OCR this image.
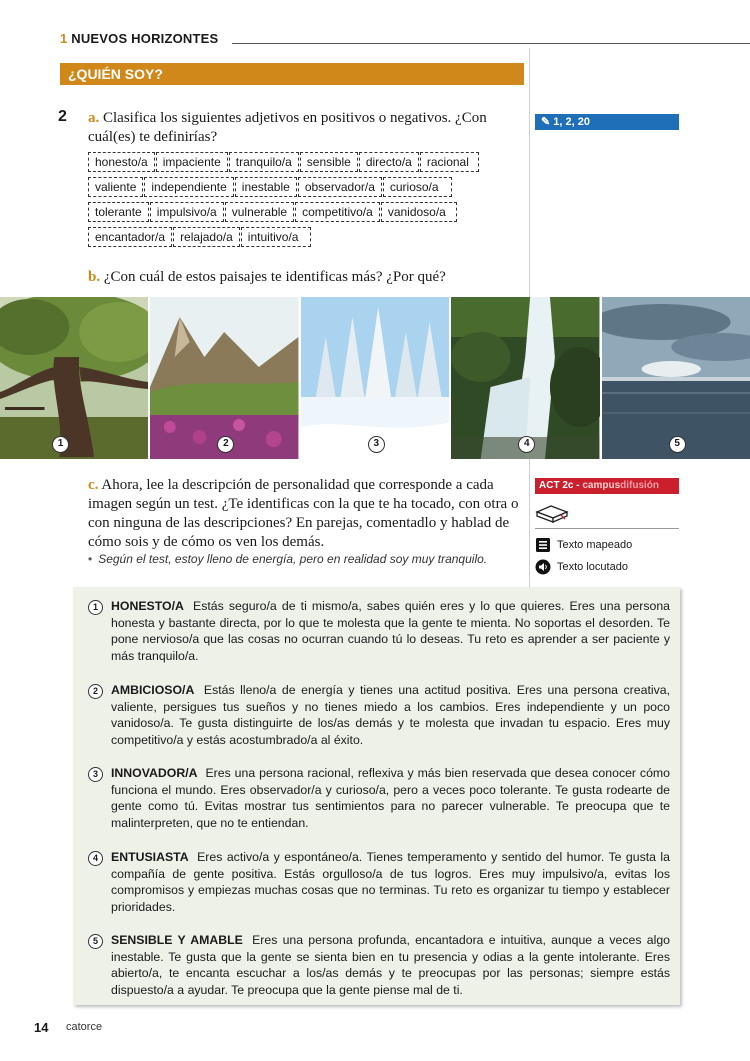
1 NUEVOS HORIZONTES
¿QUIÉN SOY?
2 a. Clasifica los siguientes adjetivos en positivos o negativos. ¿Con cuál(es) te definirías?
✎ 1, 2, 20
honesto/a	impaciente	tranquilo/a	sensible	directo/a	racional
valiente	independiente	inestable	observador/a	curioso/a
tolerante	impulsivo/a	vulnerable	competitivo/a	vanidoso/a
encantador/a	relajado/a	intuitivo/a
b. ¿Con cuál de estos paisajes te identificas más? ¿Por qué?
1	2	3	4	5
c. Ahora, lee la descripción de personalidad que corresponde a cada imagen según un test. ¿Te identificas con la que te ha tocado, con otra o con ninguna de las descripciones? En parejas, comentadlo y hablad de cómo sois y de cómo os ven los demás.
• Según el test, estoy lleno de energía, pero en realidad soy muy tranquilo.
ACT 2c - campusdifusión
Texto mapeado
Texto locutado
1	HONESTO/A Estás seguro/a de ti mismo/a, sabes quién eres y lo que quieres. Eres una persona honesta y bastante directa, por lo que te molesta que la gente te mienta. No soportas el desorden. Te pone nervioso/a que las cosas no ocurran cuando tú lo deseas. Tu reto es aprender a ser paciente y más tranquilo/a.
2	AMBICIOSO/A Estás lleno/a de energía y tienes una actitud positiva. Eres una persona creativa, valiente, persigues tus sueños y no tienes miedo a los cambios. Eres independiente y un poco vanidoso/a. Te gusta distinguirte de los/as demás y te molesta que invadan tu espacio. Eres muy competitivo/a y estás acostumbrado/a al éxito.
3	INNOVADOR/A Eres una persona racional, reflexiva y más bien reservada que desea conocer cómo funciona el mundo. Eres observador/a y curioso/a, pero a veces poco tolerante. Te gusta rodearte de gente como tú. Evitas mostrar tus sentimientos para no parecer vulnerable. Te preocupa que te malinterpreten, que no te entiendan.
4	ENTUSIASTA Eres activo/a y espontáneo/a. Tienes temperamento y sentido del humor. Te gusta la compañía de gente positiva. Estás orgulloso/a de tus logros. Eres muy impulsivo/a, evitas los compromisos y empiezas muchas cosas que no terminas. Tu reto es organizar tu tiempo y establecer prioridades.
5	SENSIBLE Y AMABLE Eres una persona profunda, encantadora e intuitiva, aunque a veces algo inestable. Te gusta que la gente se sienta bien en tu presencia y odias a la gente intolerante. Eres abierto/a, te encanta escuchar a los/as demás y te preocupas por las personas; siempre estás dispuesto/a a ayudar. Te preocupa que la gente piense mal de ti.
14 catorce
